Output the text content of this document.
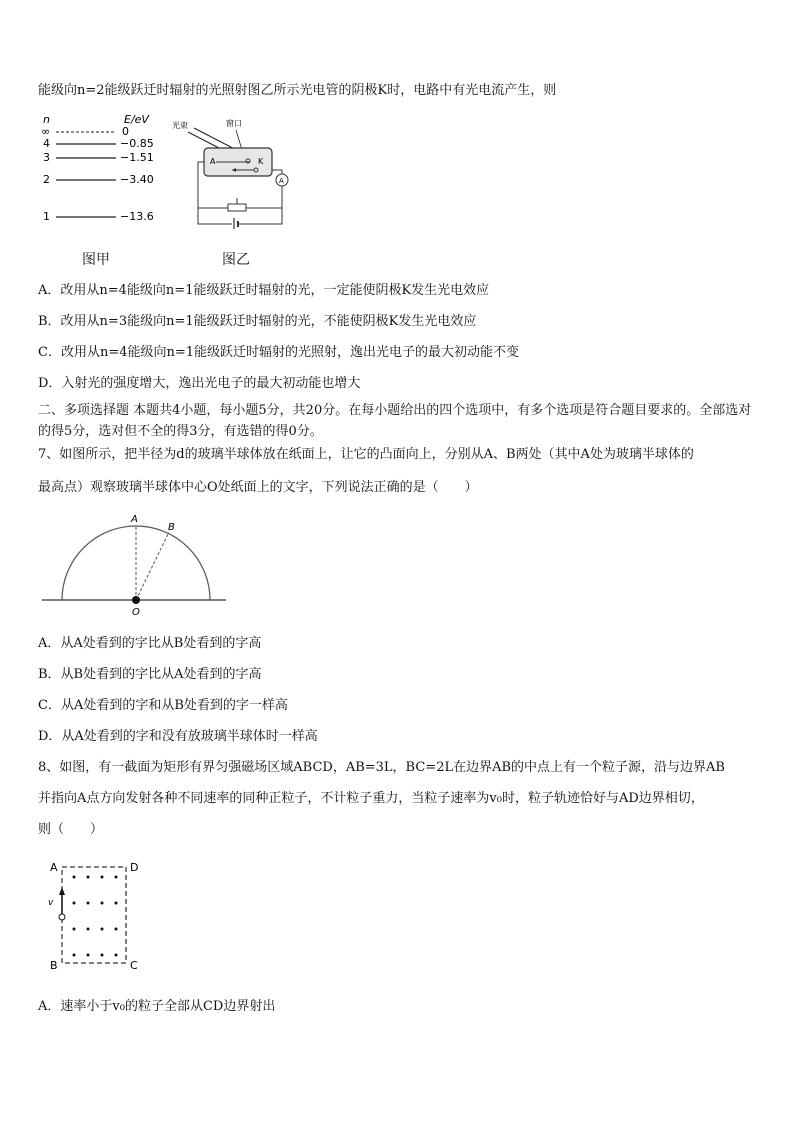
能级向n=2能级跃迁时辐射的光照射图乙所示光电管的阴极K时，电路中有光电流产生，则
n	E/eV
∞	0
4	−0.85
3	−1.51
2	−3.40
1	−13.6
光束	窗口
A	K
A
图甲	图乙
A．改用从n=4能级向n=1能级跃迁时辐射的光，一定能使阴极K发生光电效应
B．改用从n=3能级向n=1能级跃迁时辐射的光，不能使阴极K发生光电效应
C．改用从n=4能级向n=1能级跃迁时辐射的光照射，逸出光电子的最大初动能不变
D．入射光的强度增大，逸出光电子的最大初动能也增大
二、多项选择题 本题共4小题，每小题5分，共20分。在每小题给出的四个选项中，有多个选项是符合题目要求的。全部选对的得5分，选对但不全的得3分，有选错的得0分。
7、如图所示，把半径为d的玻璃半球体放在纸面上，让它的凸面向上，分别从A、B两处（其中A处为玻璃半球体的
最高点）观察玻璃半球体中心O处纸面上的文字，下列说法正确的是（　　）
A
B
O
A．从A处看到的字比从B处看到的字高
B．从B处看到的字比从A处看到的字高
C．从A处看到的字和从B处看到的字一样高
D．从A处看到的字和没有放玻璃半球体时一样高
8、如图，有一截面为矩形有界匀强磁场区域ABCD，AB=3L，BC=2L在边界AB的中点上有一个粒子源，沿与边界AB
并指向A点方向发射各种不同速率的同种正粒子，不计粒子重力，当粒子速率为v₀时，粒子轨迹恰好与AD边界相切，
则（　　）
A	D
B	C
v
A．速率小于v₀的粒子全部从CD边界射出
